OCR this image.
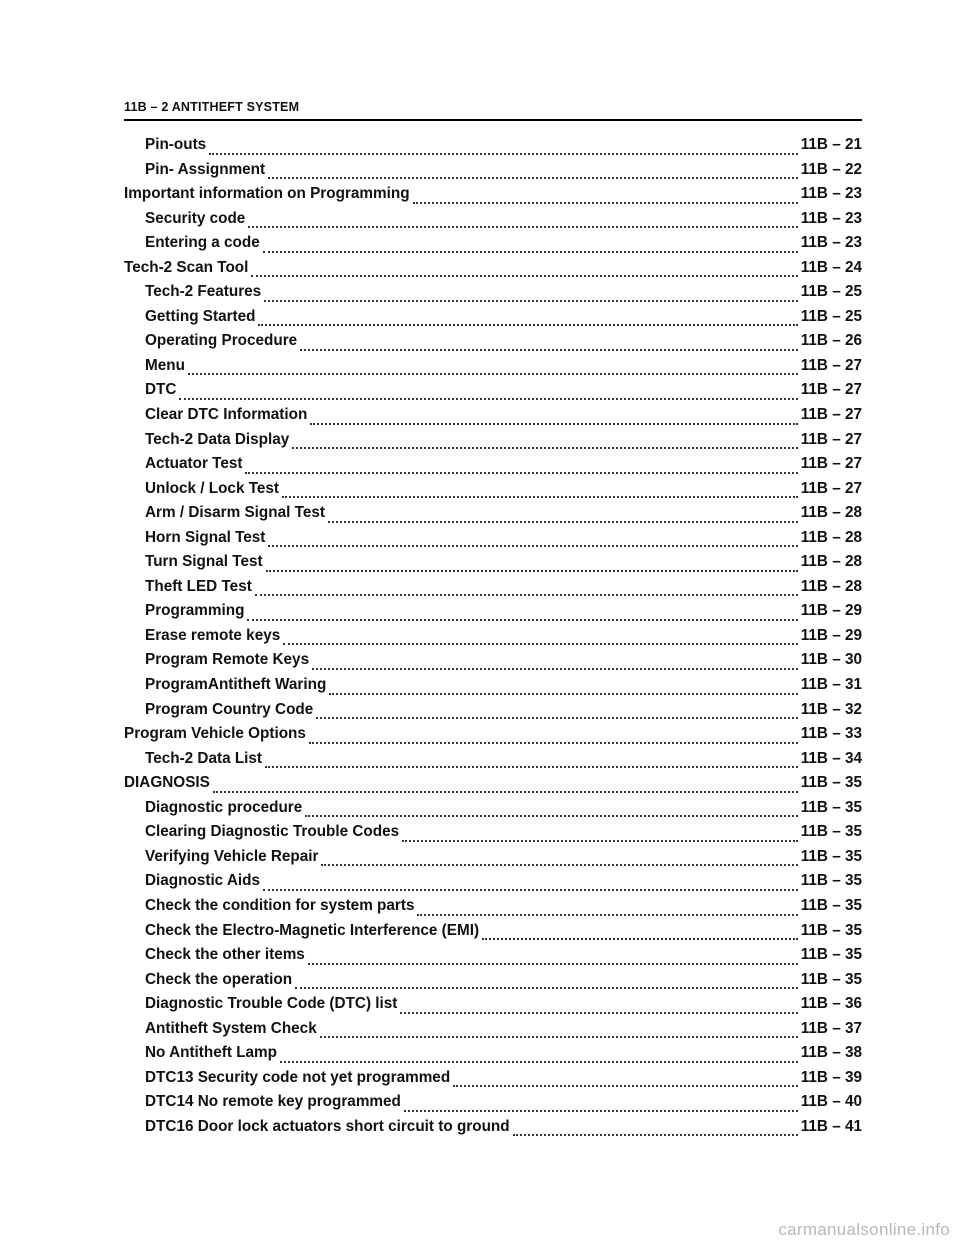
11B – 2 ANTITHEFT SYSTEM
Pin-outs	11B – 21
Pin- Assignment	11B – 22
Important information on Programming	11B – 23
Security code	11B – 23
Entering a code	11B – 23
Tech-2 Scan Tool	11B – 24
Tech-2 Features	11B – 25
Getting Started	11B – 25
Operating Procedure	11B – 26
Menu	11B – 27
DTC	11B – 27
Clear DTC Information	11B – 27
Tech-2 Data Display	11B – 27
Actuator Test	11B – 27
Unlock / Lock Test	11B – 27
Arm / Disarm Signal Test	11B – 28
Horn Signal Test	11B – 28
Turn Signal Test	11B – 28
Theft LED Test	11B – 28
Programming	11B – 29
Erase remote keys	11B – 29
Program Remote Keys	11B – 30
ProgramAntitheft Waring	11B – 31
Program Country Code	11B – 32
Program Vehicle Options	11B – 33
Tech-2 Data List	11B – 34
DIAGNOSIS	11B – 35
Diagnostic procedure	11B – 35
Clearing Diagnostic Trouble Codes	11B – 35
Verifying Vehicle Repair	11B – 35
Diagnostic Aids	11B – 35
Check the condition for system parts	11B – 35
Check the Electro-Magnetic Interference (EMI)	11B – 35
Check the other items	11B – 35
Check the operation	11B – 35
Diagnostic Trouble Code (DTC) list	11B – 36
Antitheft System Check	11B – 37
No Antitheft Lamp	11B – 38
DTC13 Security code not yet programmed	11B – 39
DTC14 No remote key programmed	11B – 40
DTC16 Door lock actuators short circuit to ground	11B – 41
carmanualsonline.info
